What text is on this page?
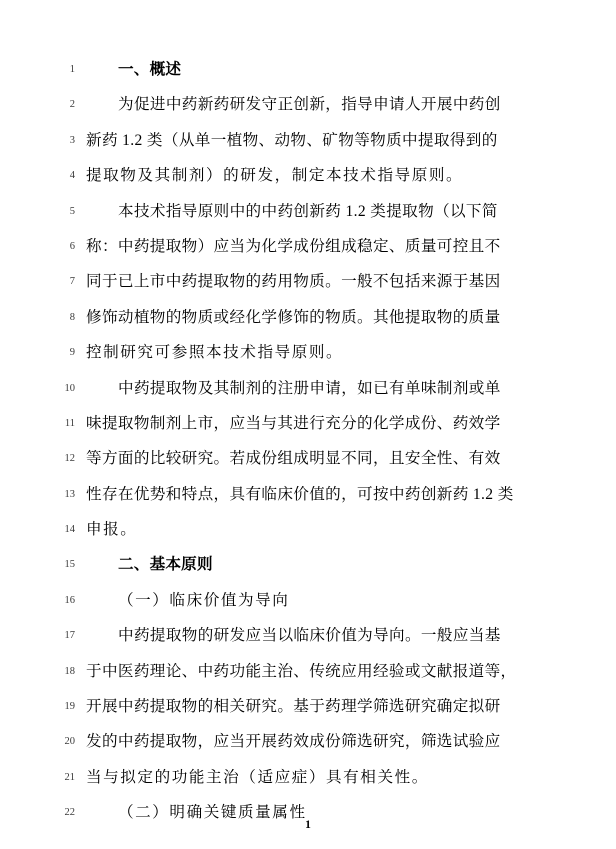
1	一、概述
2	为促进中药新药研发守正创新，指导申请人开展中药创
3 新药 1.2 类（从单一植物、动物、矿物等物质中提取得到的
4 提取物及其制剂）的研发，制定本技术指导原则。
5	本技术指导原则中的中药创新药 1.2 类提取物（以下简
6 称：中药提取物）应当为化学成份组成稳定、质量可控且不
7 同于已上市中药提取物的药用物质。一般不包括来源于基因
8 修饰动植物的物质或经化学修饰的物质。其他提取物的质量
9 控制研究可参照本技术指导原则。
10	中药提取物及其制剂的注册申请，如已有单味制剂或单
11 味提取物制剂上市，应当与其进行充分的化学成份、药效学
12 等方面的比较研究。若成份组成明显不同，且安全性、有效
13 性存在优势和特点，具有临床价值的，可按中药创新药 1.2 类
14 申报。
15	二、基本原则
16	（一）临床价值为导向
17	中药提取物的研发应当以临床价值为导向。一般应当基
18 于中医药理论、中药功能主治、传统应用经验或文献报道等，
19 开展中药提取物的相关研究。基于药理学筛选研究确定拟研
20 发的中药提取物，应当开展药效成份筛选研究，筛选试验应
21 当与拟定的功能主治（适应症）具有相关性。
22	（二）明确关键质量属性
1
